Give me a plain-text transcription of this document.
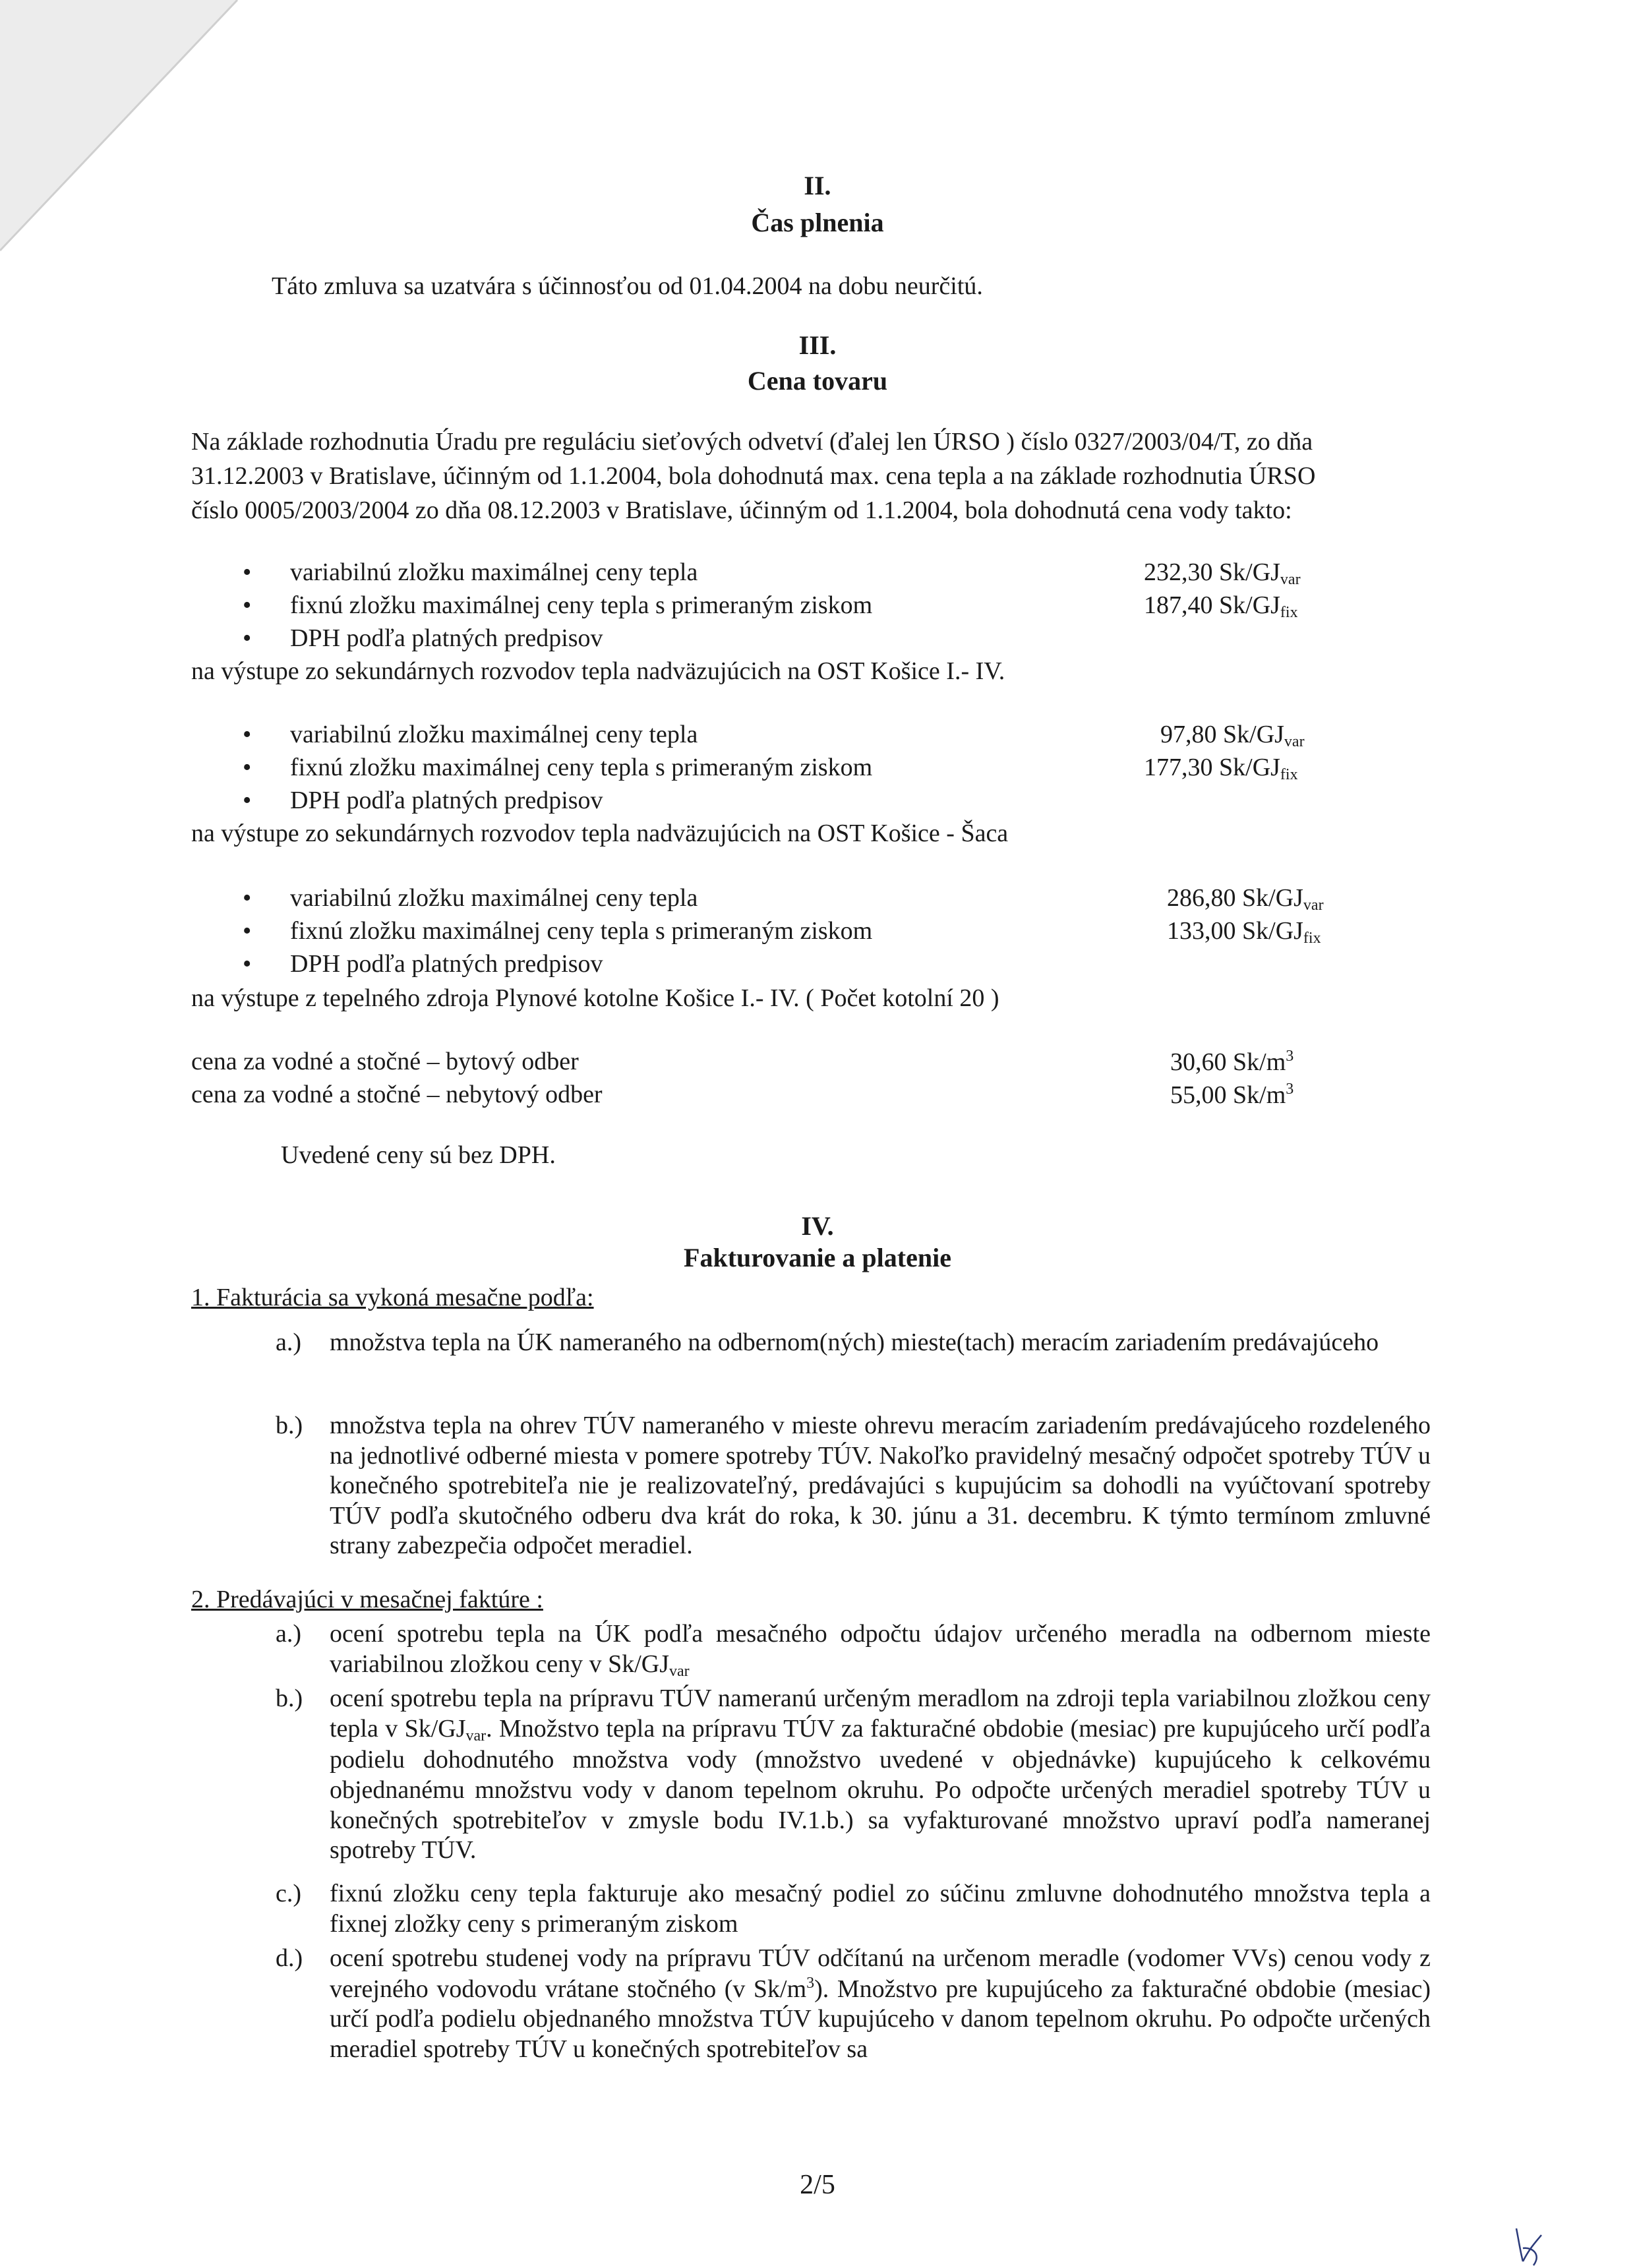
II.
Čas plnenia
Táto zmluva sa uzatvára s účinnosťou od 01.04.2004 na dobu neurčitú.
III.
Cena tovaru
Na základe rozhodnutia Úradu pre reguláciu sieťových odvetví (ďalej len ÚRSO ) číslo 0327/2003/04/T, zo dňa
31.12.2003 v Bratislave, účinným od 1.1.2004, bola dohodnutá max. cena tepla a na základe rozhodnutia ÚRSO
číslo 0005/2003/2004 zo dňa 08.12.2003 v Bratislave, účinným od 1.1.2004, bola dohodnutá cena vody takto:
• variabilnú zložku maximálnej ceny tepla	232,30 $Sk/GJ_{var}$
• fixnú zložku maximálnej ceny tepla s primeraným ziskom	187,40 $Sk/GJ_{fix}$
• DPH podľa platných predpisov
na výstupe zo sekundárnych rozvodov tepla nadväzujúcich na OST Košice I.- IV.
• variabilnú zložku maximálnej ceny tepla	97,80 $Sk/GJ_{var}$
• fixnú zložku maximálnej ceny tepla s primeraným ziskom	177,30 $Sk/GJ_{fix}$
• DPH podľa platných predpisov
na výstupe zo sekundárnych rozvodov tepla nadväzujúcich na OST Košice - Šaca
• variabilnú zložku maximálnej ceny tepla	286,80 $Sk/GJ_{var}$
• fixnú zložku maximálnej ceny tepla s primeraným ziskom	133,00 $Sk/GJ_{fix}$
• DPH podľa platných predpisov
na výstupe z tepelného zdroja Plynové kotolne Košice I.- IV. ( Počet kotolní 20 )
cena za vodné a stočné – bytový odber	30,60 $Sk/m^3$
cena za vodné a stočné – nebytový odber	55,00 $Sk/m^3$
Uvedené ceny sú bez DPH.
IV.
Fakturovanie a platenie
1. Fakturácia sa vykoná mesačne podľa:
a.) množstva tepla na ÚK nameraného na odbernom(ných) mieste(tach) meracím zariadením predávajúceho
b.) množstva tepla na ohrev TÚV nameraného v mieste ohrevu meracím zariadením predávajúceho rozdeleného na jednotlivé odberné miesta v pomere spotreby TÚV. Nakoľko pravidelný mesačný odpočet spotreby TÚV u konečného spotrebiteľa nie je realizovateľný, predávajúci s kupujúcim sa dohodli na vyúčtovaní spotreby TÚV podľa skutočného odberu dva krát do roka, k 30. júnu a 31. decembru. K týmto termínom zmluvné strany zabezpečia odpočet meradiel.
2. Predávajúci v mesačnej faktúre :
a.) ocení spotrebu tepla na ÚK podľa mesačného odpočtu údajov určeného meradla na odbernom mieste variabilnou zložkou ceny v $Sk/GJ_{var}$
b.) ocení spotrebu tepla na prípravu TÚV nameranú určeným meradlom na zdroji tepla variabilnou zložkou ceny tepla v $Sk/GJ_{var}$. Množstvo tepla na prípravu TÚV za fakturačné obdobie (mesiac) pre kupujúceho určí podľa podielu dohodnutého množstva vody (množstvo uvedené v objednávke) kupujúceho k celkovému objednanému množstvu vody v danom tepelnom okruhu. Po odpočte určených meradiel spotreby TÚV u konečných spotrebiteľov v zmysle bodu IV.1.b.) sa vyfakturované množstvo upraví podľa nameranej spotreby TÚV.
c.) fixnú zložku ceny tepla fakturuje ako mesačný podiel zo súčinu zmluvne dohodnutého množstva tepla a fixnej zložky ceny s primeraným ziskom
d.) ocení spotrebu studenej vody na prípravu TÚV odčítanú na určenom meradle (vodomer VVs) cenou vody z verejného vodovodu vrátane stočného (v $Sk/m^3$). Množstvo pre kupujúceho za fakturačné obdobie (mesiac) určí podľa podielu objednaného množstva TÚV kupujúceho v danom tepelnom okruhu. Po odpočte určených meradiel spotreby TÚV u konečných spotrebiteľov sa
2/5
